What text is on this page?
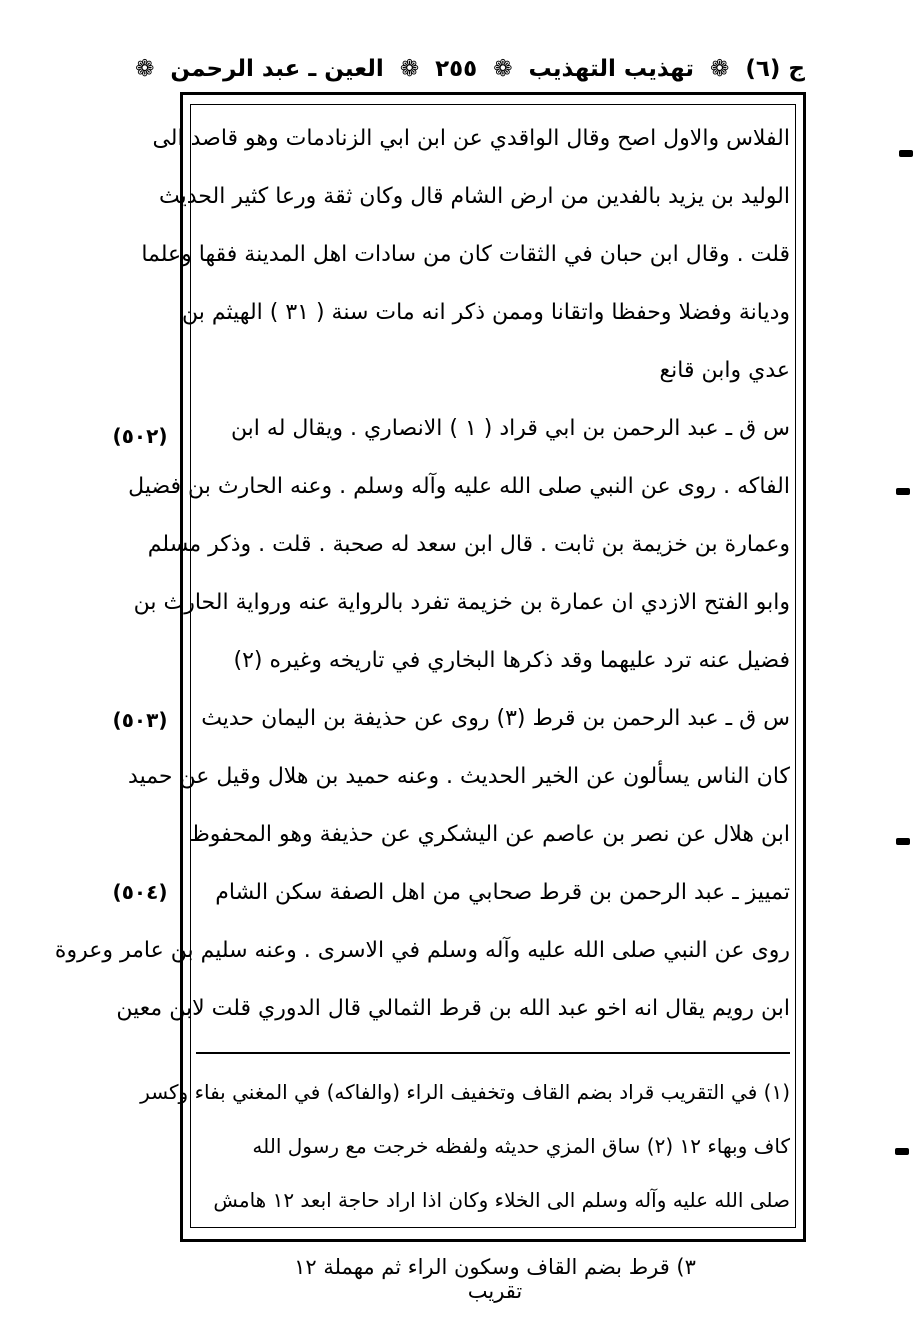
ج (٦) ❁ تهذيب التهذيب ❁ ٢٥٥ ❁ العين ـ عبد الرحمن ❁
الفلاس والاول اصح وقال الواقدي عن ابن ابي الزنادمات وهو قاصد الى
الوليد بن يزيد بالفدين من ارض الشام قال وكان ثقة ورعا كثير الحديث
قلت . وقال ابن حبان في الثقات كان من سادات اهل المدينة فقها وعلما
وديانة وفضلا وحفظا واتقانا وممن ذكر انه مات سنة ( ٣١ ) الهيثم بن
عدي وابن قانع
س ق ـ عبد الرحمن بن ابي قراد ( ١ ) الانصاري . ويقال له ابن
الفاكه . روى عن النبي صلى الله عليه وآله وسلم . وعنه الحارث بن فضيل
وعمارة بن خزيمة بن ثابت . قال ابن سعد له صحبة . قلت . وذكر مسلم
وابو الفتح الازدي ان عمارة بن خزيمة تفرد بالرواية عنه ورواية الحارث بن
فضيل عنه ترد عليهما وقد ذكرها البخاري في تاريخه وغيره (٢)
س ق ـ عبد الرحمن بن قرط (٣) روى عن حذيفة بن اليمان حديث
كان الناس يسألون عن الخير الحديث . وعنه حميد بن هلال وقيل عن حميد
ابن هلال عن نصر بن عاصم عن اليشكري عن حذيفة وهو المحفوظ
تمييز ـ عبد الرحمن بن قرط صحابي من اهل الصفة سكن الشام
روى عن النبي صلى الله عليه وآله وسلم في الاسرى . وعنه سليم بن عامر وعروة
ابن رويم يقال انه اخو عبد الله بن قرط الثمالي قال الدوري قلت لابن معين
(١) في التقريب قراد بضم القاف وتخفيف الراء (والفاكه) في المغني بفاء وكسر
كاف وبهاء ١٢ (٢) ساق المزي حديثه ولفظه خرجت مع رسول الله
صلى الله عليه وآله وسلم الى الخلاء وكان اذا اراد حاجة ابعد ١٢ هامش
(٥٠٢)
(٥٠٣)
(٥٠٤)
٣) قرط بضم القاف وسكون الراء ثم مهملة ١٢ تقريب
